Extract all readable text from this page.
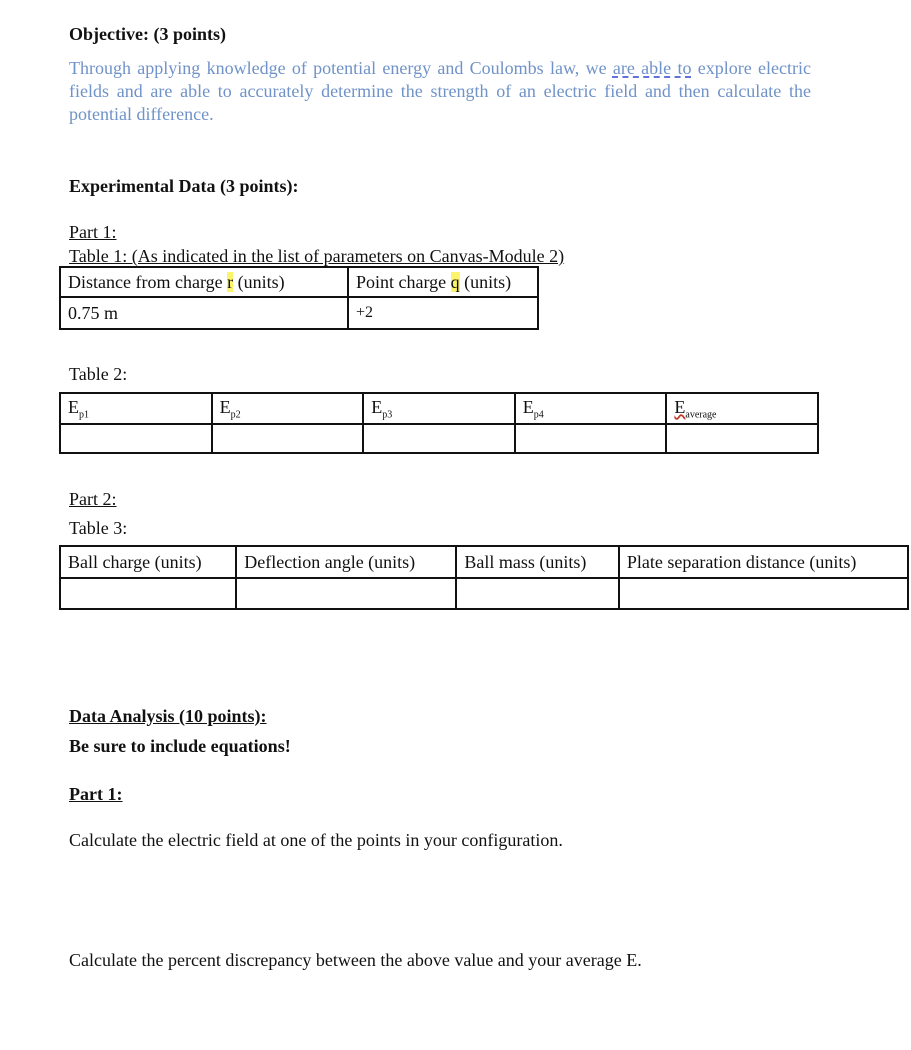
Objective: (3 points)
Through applying knowledge of potential energy and Coulombs law, we are able to explore electric fields and are able to accurately determine the strength of an electric field and then calculate the potential difference.
Experimental Data (3 points):
Part 1:
Table 1: (As indicated in the list of parameters on Canvas-Module 2)
Distance from charge r (units)	Point charge q (units)
0.75 m	+2
Table 2:
$E_{p1}$	$E_{p2}$	$E_{p3}$	$E_{p4}$	$E_{average}$

Part 2:
Table 3:
Ball charge (units)	Deflection angle (units)	Ball mass (units)	Plate separation distance (units)

Data Analysis (10 points):
Be sure to include equations!
Part 1:
Calculate the electric field at one of the points in your configuration.
Calculate the percent discrepancy between the above value and your average E.
